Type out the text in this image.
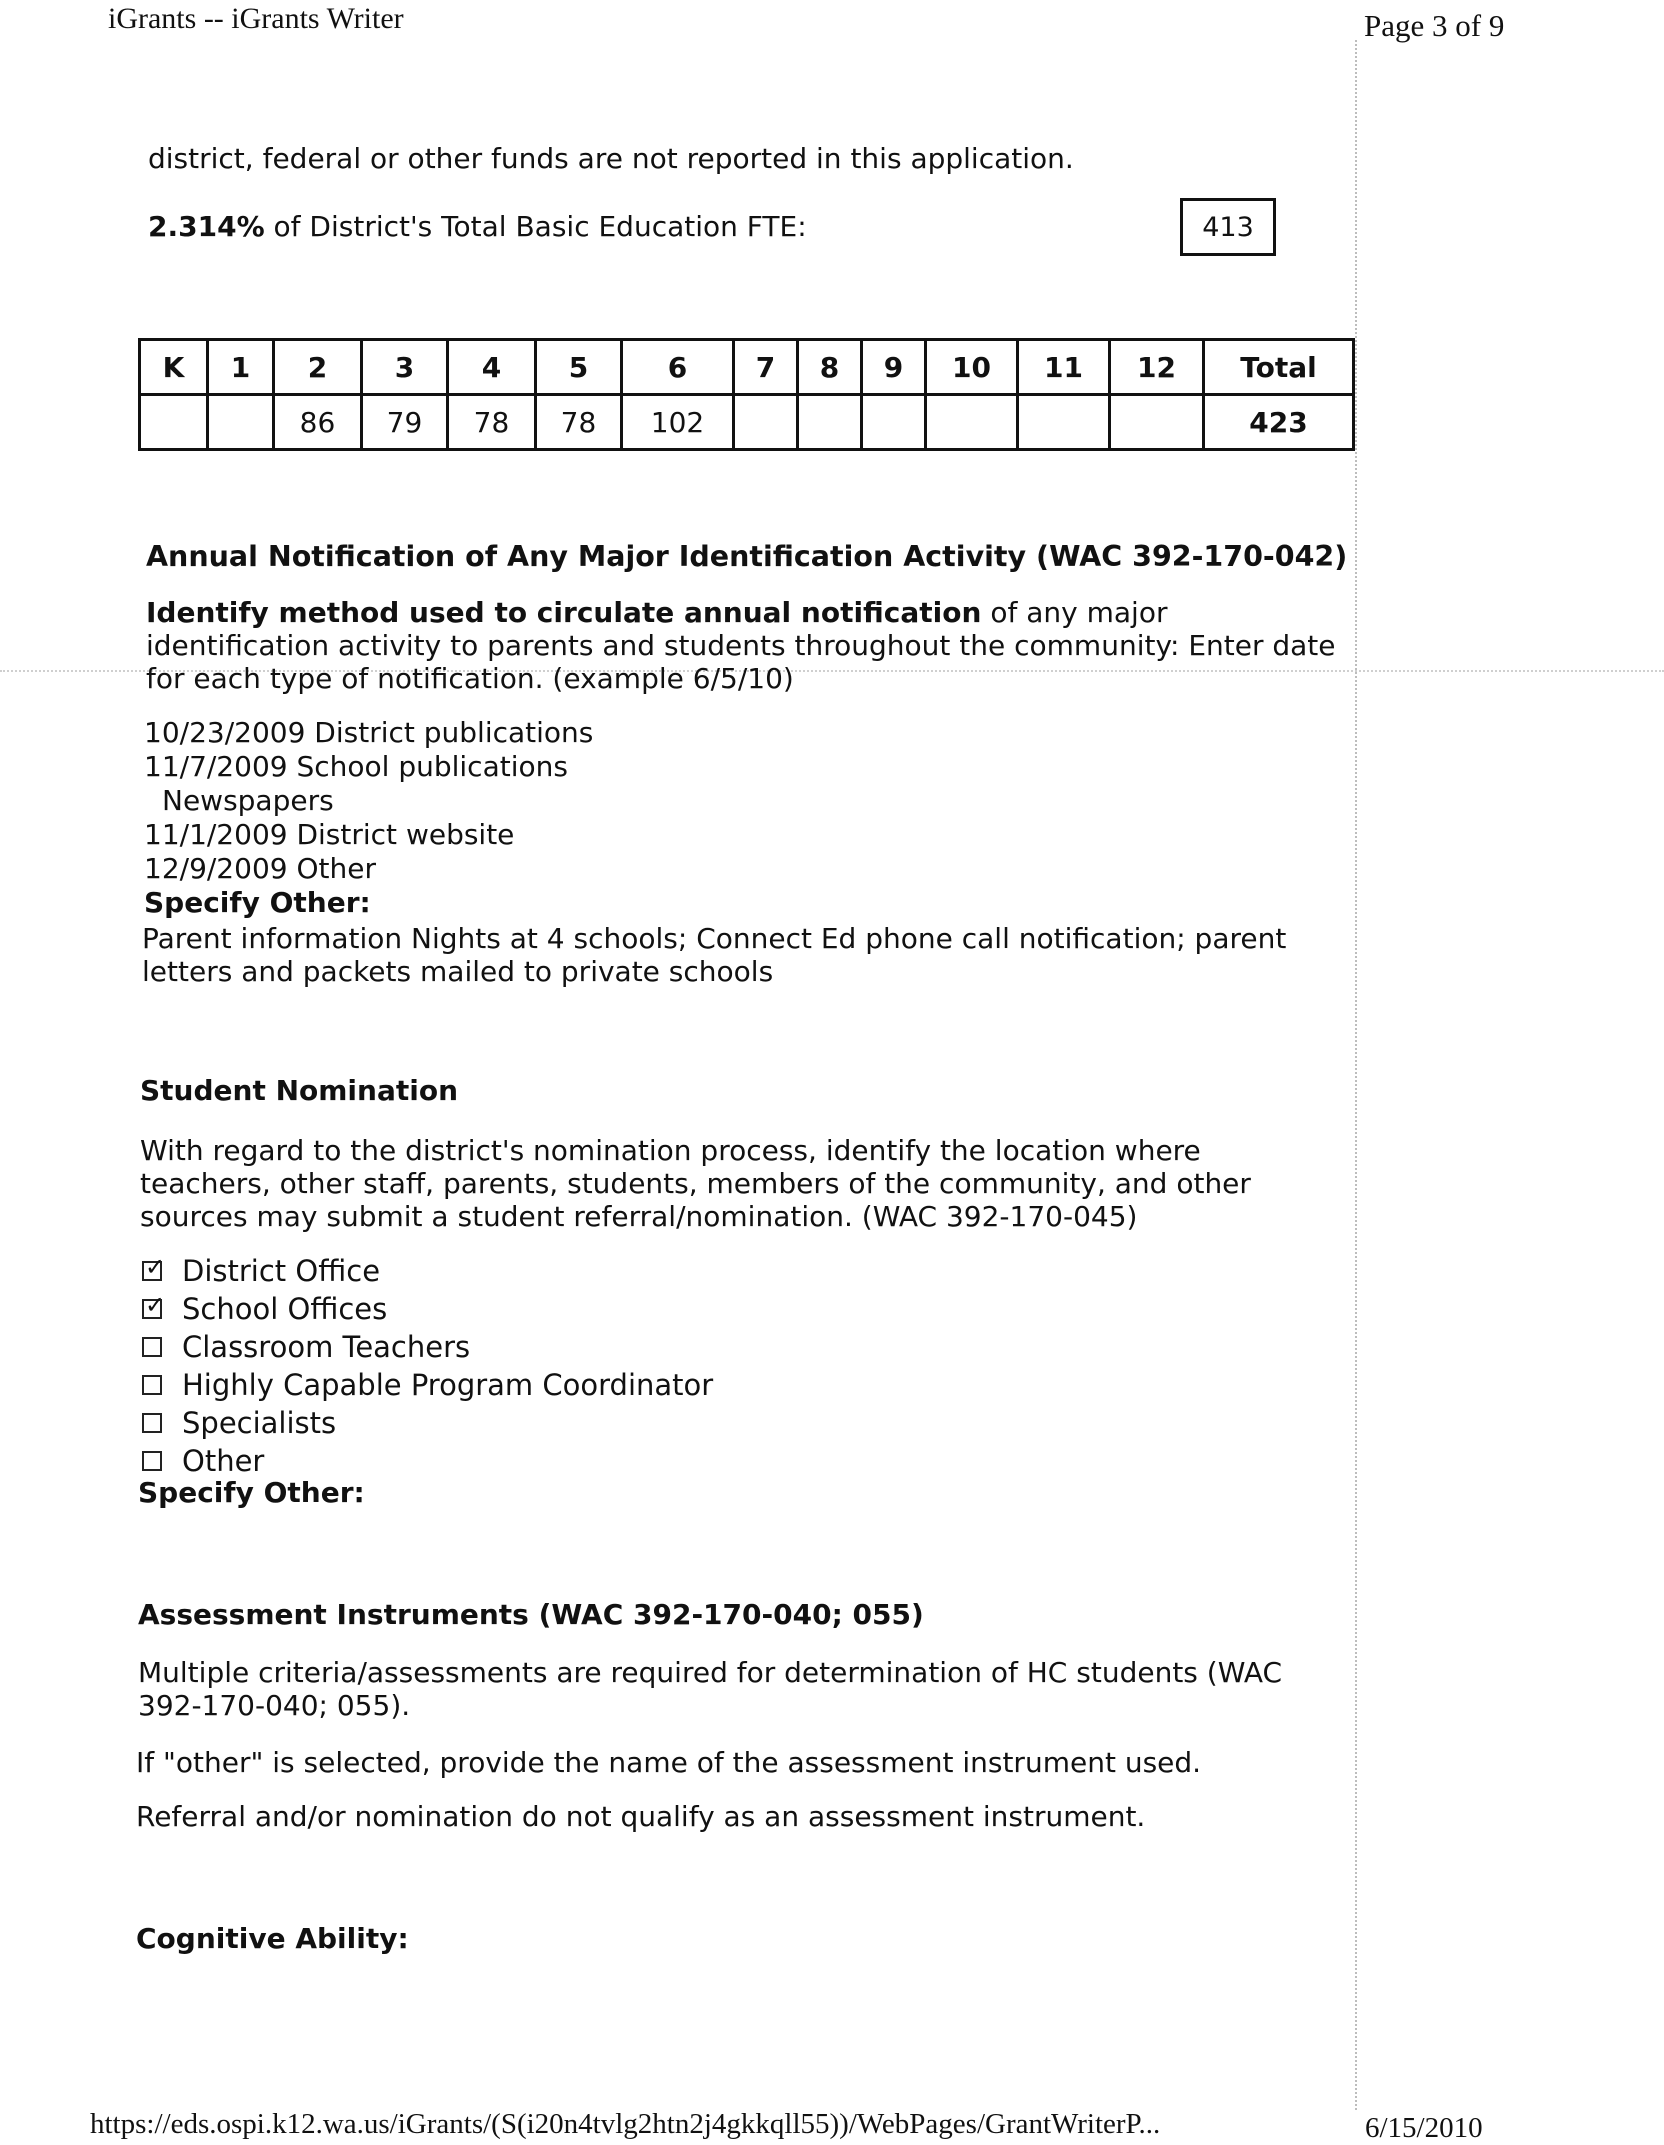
iGrants -- iGrants Writer	Page 3 of 9
district, federal or other funds are not reported in this application.
2.314% of District's Total Basic Education FTE:	413
K	1	2	3	4	5	6	7	8	9	10	11	12	Total
		86	79	78	78	102							423
Annual Notification of Any Major Identification Activity (WAC 392-170-042)
Identify method used to circulate annual notification of any major identification activity to parents and students throughout the community: Enter date for each type of notification. (example 6/5/10)
10/23/2009 District publications
11/7/2009 School publications
Newspapers
11/1/2009 District website
12/9/2009 Other
Specify Other:
Parent information Nights at 4 schools; Connect Ed phone call notification; parent letters and packets mailed to private schools
Student Nomination
With regard to the district's nomination process, identify the location where teachers, other staff, parents, students, members of the community, and other sources may submit a student referral/nomination. (WAC 392-170-045)
✓
District Office
✓
School Offices
Classroom Teachers
Highly Capable Program Coordinator
Specialists
Other
Specify Other:
Assessment Instruments (WAC 392-170-040; 055)
Multiple criteria/assessments are required for determination of HC students (WAC 392-170-040; 055).
If "other" is selected, provide the name of the assessment instrument used.
Referral and/or nomination do not qualify as an assessment instrument.
Cognitive Ability:
https://eds.ospi.k12.wa.us/iGrants/(S(i20n4tvlg2htn2j4gkkqll55))/WebPages/GrantWriterP...	6/15/2010
